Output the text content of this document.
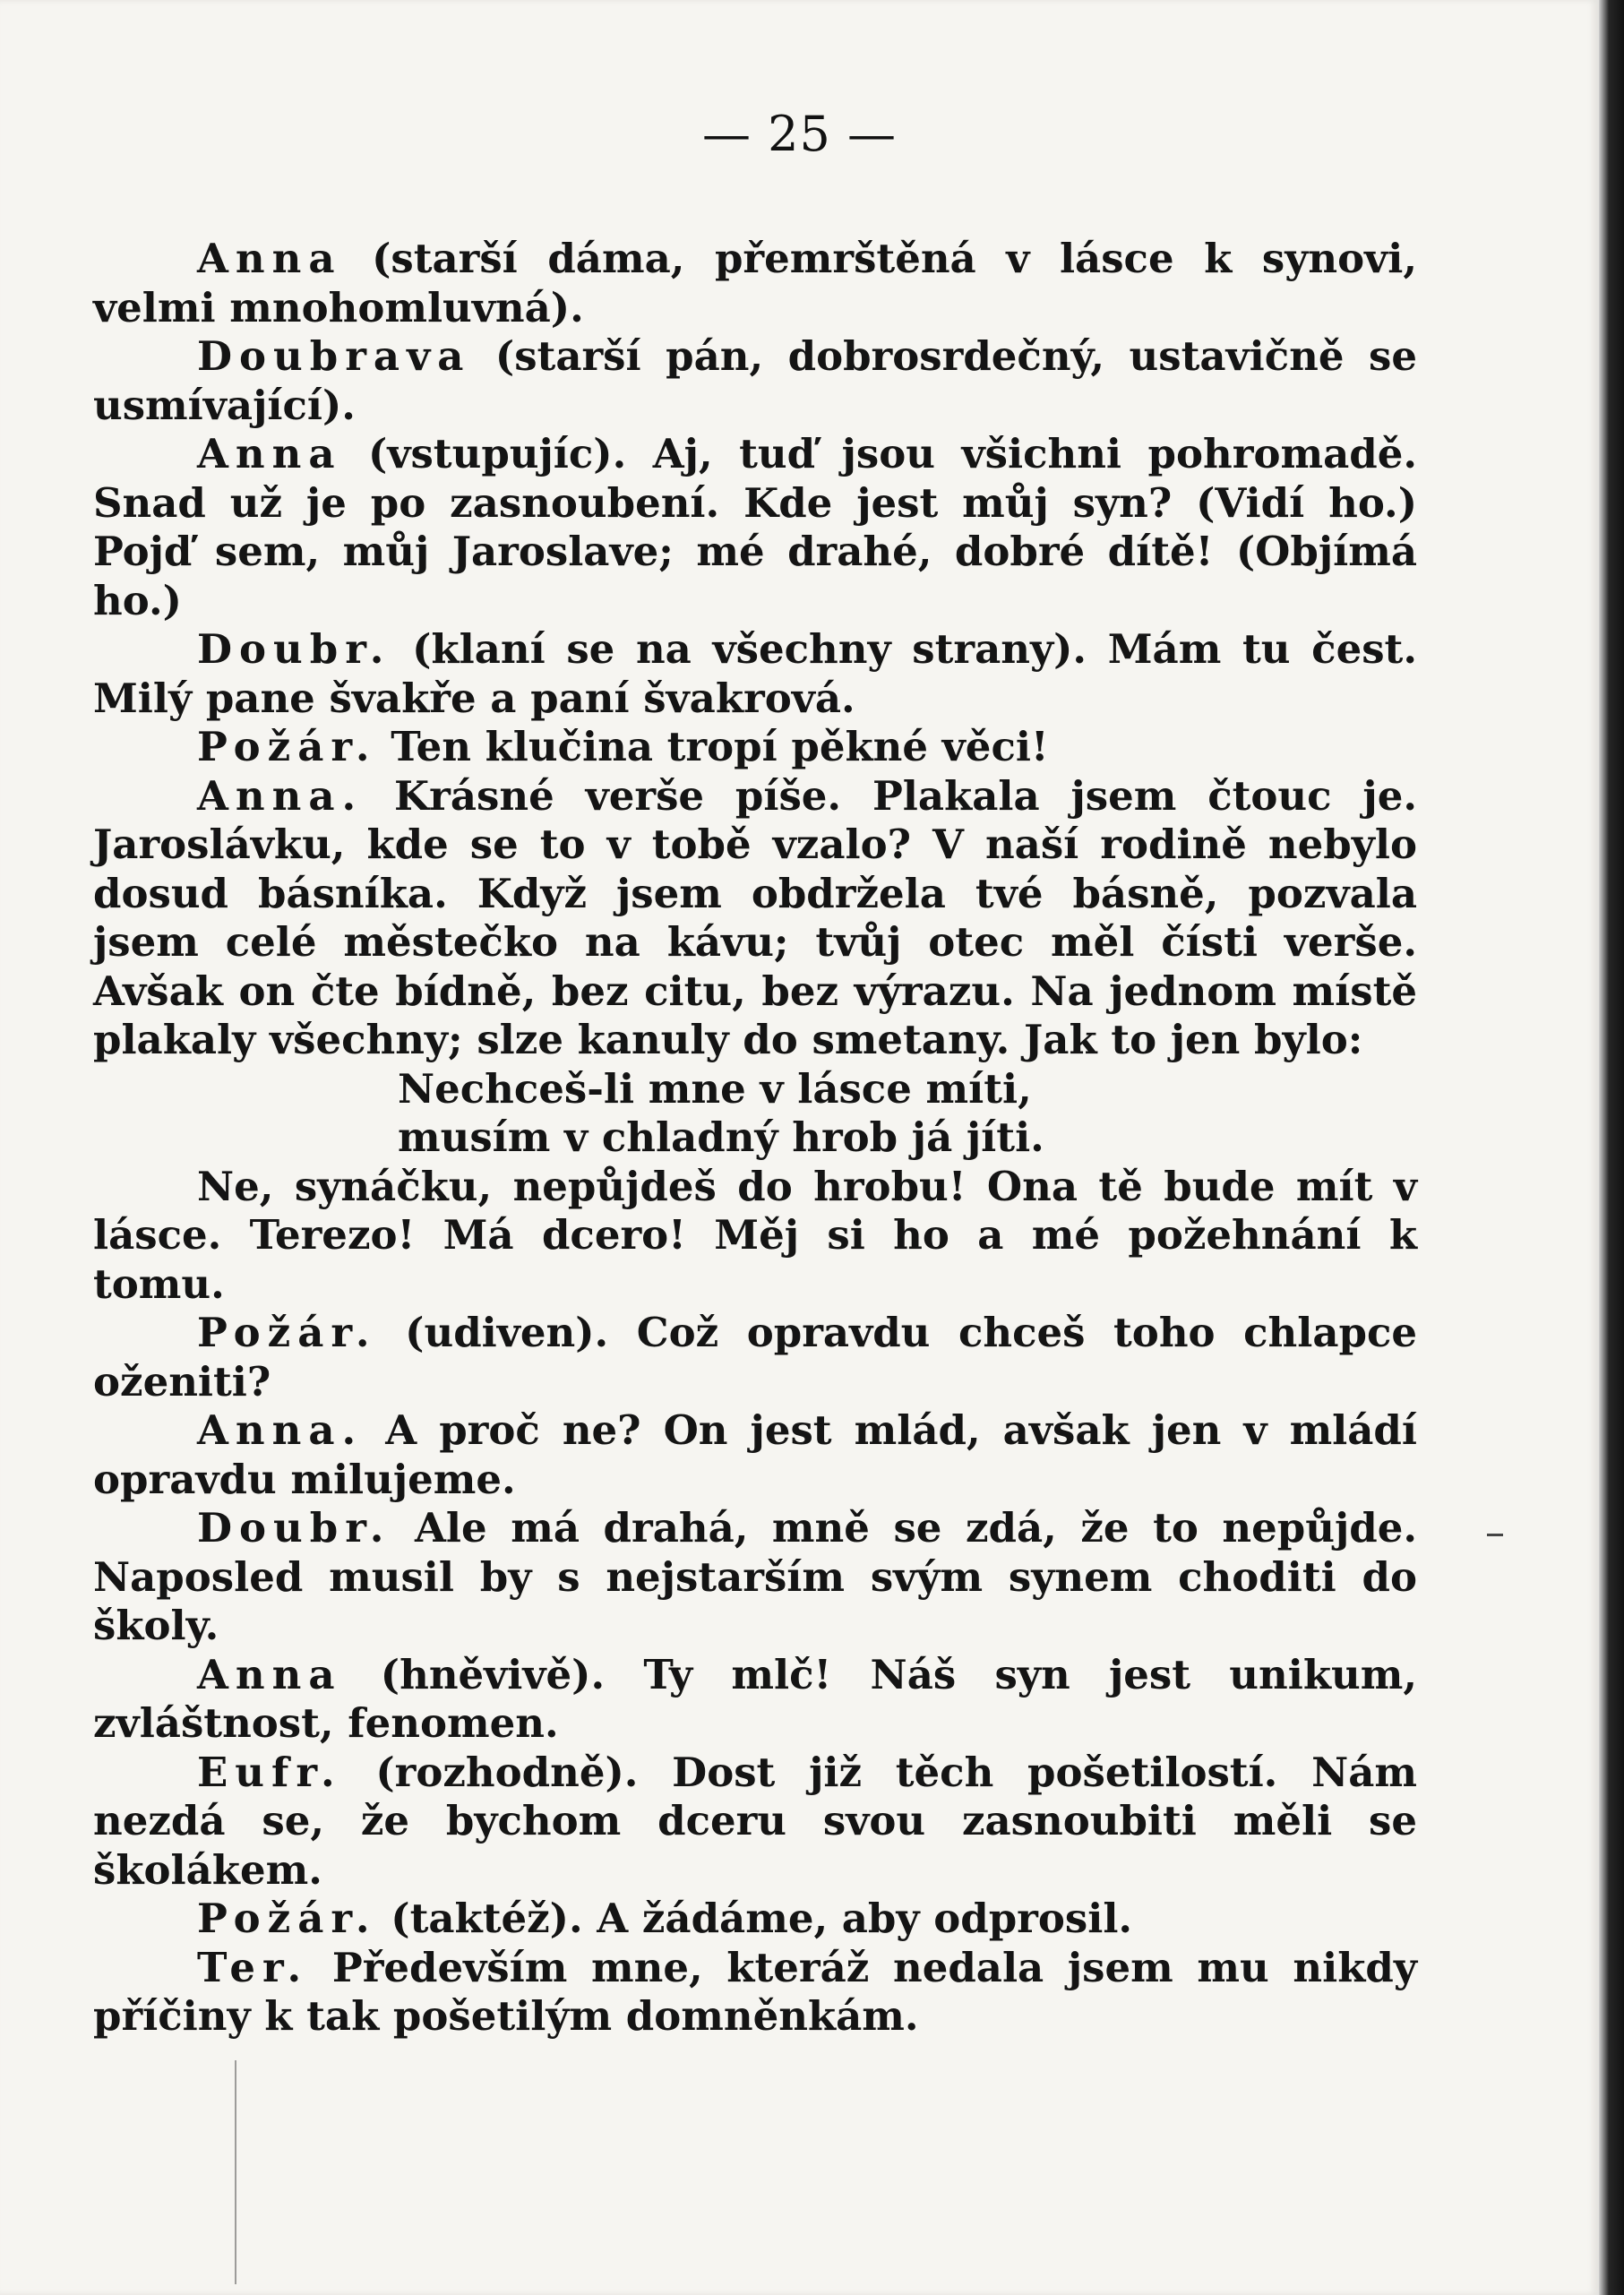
— 25 —

Anna (starší dáma, přemrštěná v lásce k synovi, velmi mnohomluvná).

Doubrava (starší pán, dobrosrdečný, ustavičně se usmívající).

Anna (vstupujíc). Aj, tuď jsou všichni pohromadě. Snad už je po zasnoubení. Kde jest můj syn? (Vidí ho.) Pojď sem, můj Jaroslave; mé drahé, dobré dítě! (Objímá ho.)

Doubr. (klaní se na všechny strany). Mám tu čest. Milý pane švakře a paní švakrová.

Požár. Ten klučina tropí pěkné věci!

Anna. Krásné verše píše. Plakala jsem čtouc je. Jaroslávku, kde se to v tobě vzalo? V naší rodině nebylo dosud básníka. Když jsem obdržela tvé básně, pozvala jsem celé městečko na kávu; tvůj otec měl čísti verše. Avšak on čte bídně, bez citu, bez výrazu. Na jednom místě plakaly všechny; slze kanuly do smetany. Jak to jen bylo:

Nechceš-li mne v lásce míti,

musím v chladný hrob já jíti.

Ne, synáčku, nepůjdeš do hrobu! Ona tě bude mít v lásce. Terezo! Má dcero! Měj si ho a mé požehnání k tomu.

Požár. (udiven). Což opravdu chceš toho chlapce oženiti?

Anna. A proč ne? On jest mlád, avšak jen v mládí opravdu milujeme.

Doubr. Ale má drahá, mně se zdá, že to nepůjde. Naposled musil by s nejstarším svým synem choditi do školy.

Anna (hněvivě). Ty mlč! Náš syn jest unikum, zvláštnost, fenomen.

Eufr. (rozhodně). Dost již těch pošetilostí. Nám nezdá se, že bychom dceru svou zasnoubiti měli se školákem.

Požár. (taktéž). A žádáme, aby odprosil.

Ter. Především mne, kteráž nedala jsem mu nikdy příčiny k tak pošetilým domněnkám.
